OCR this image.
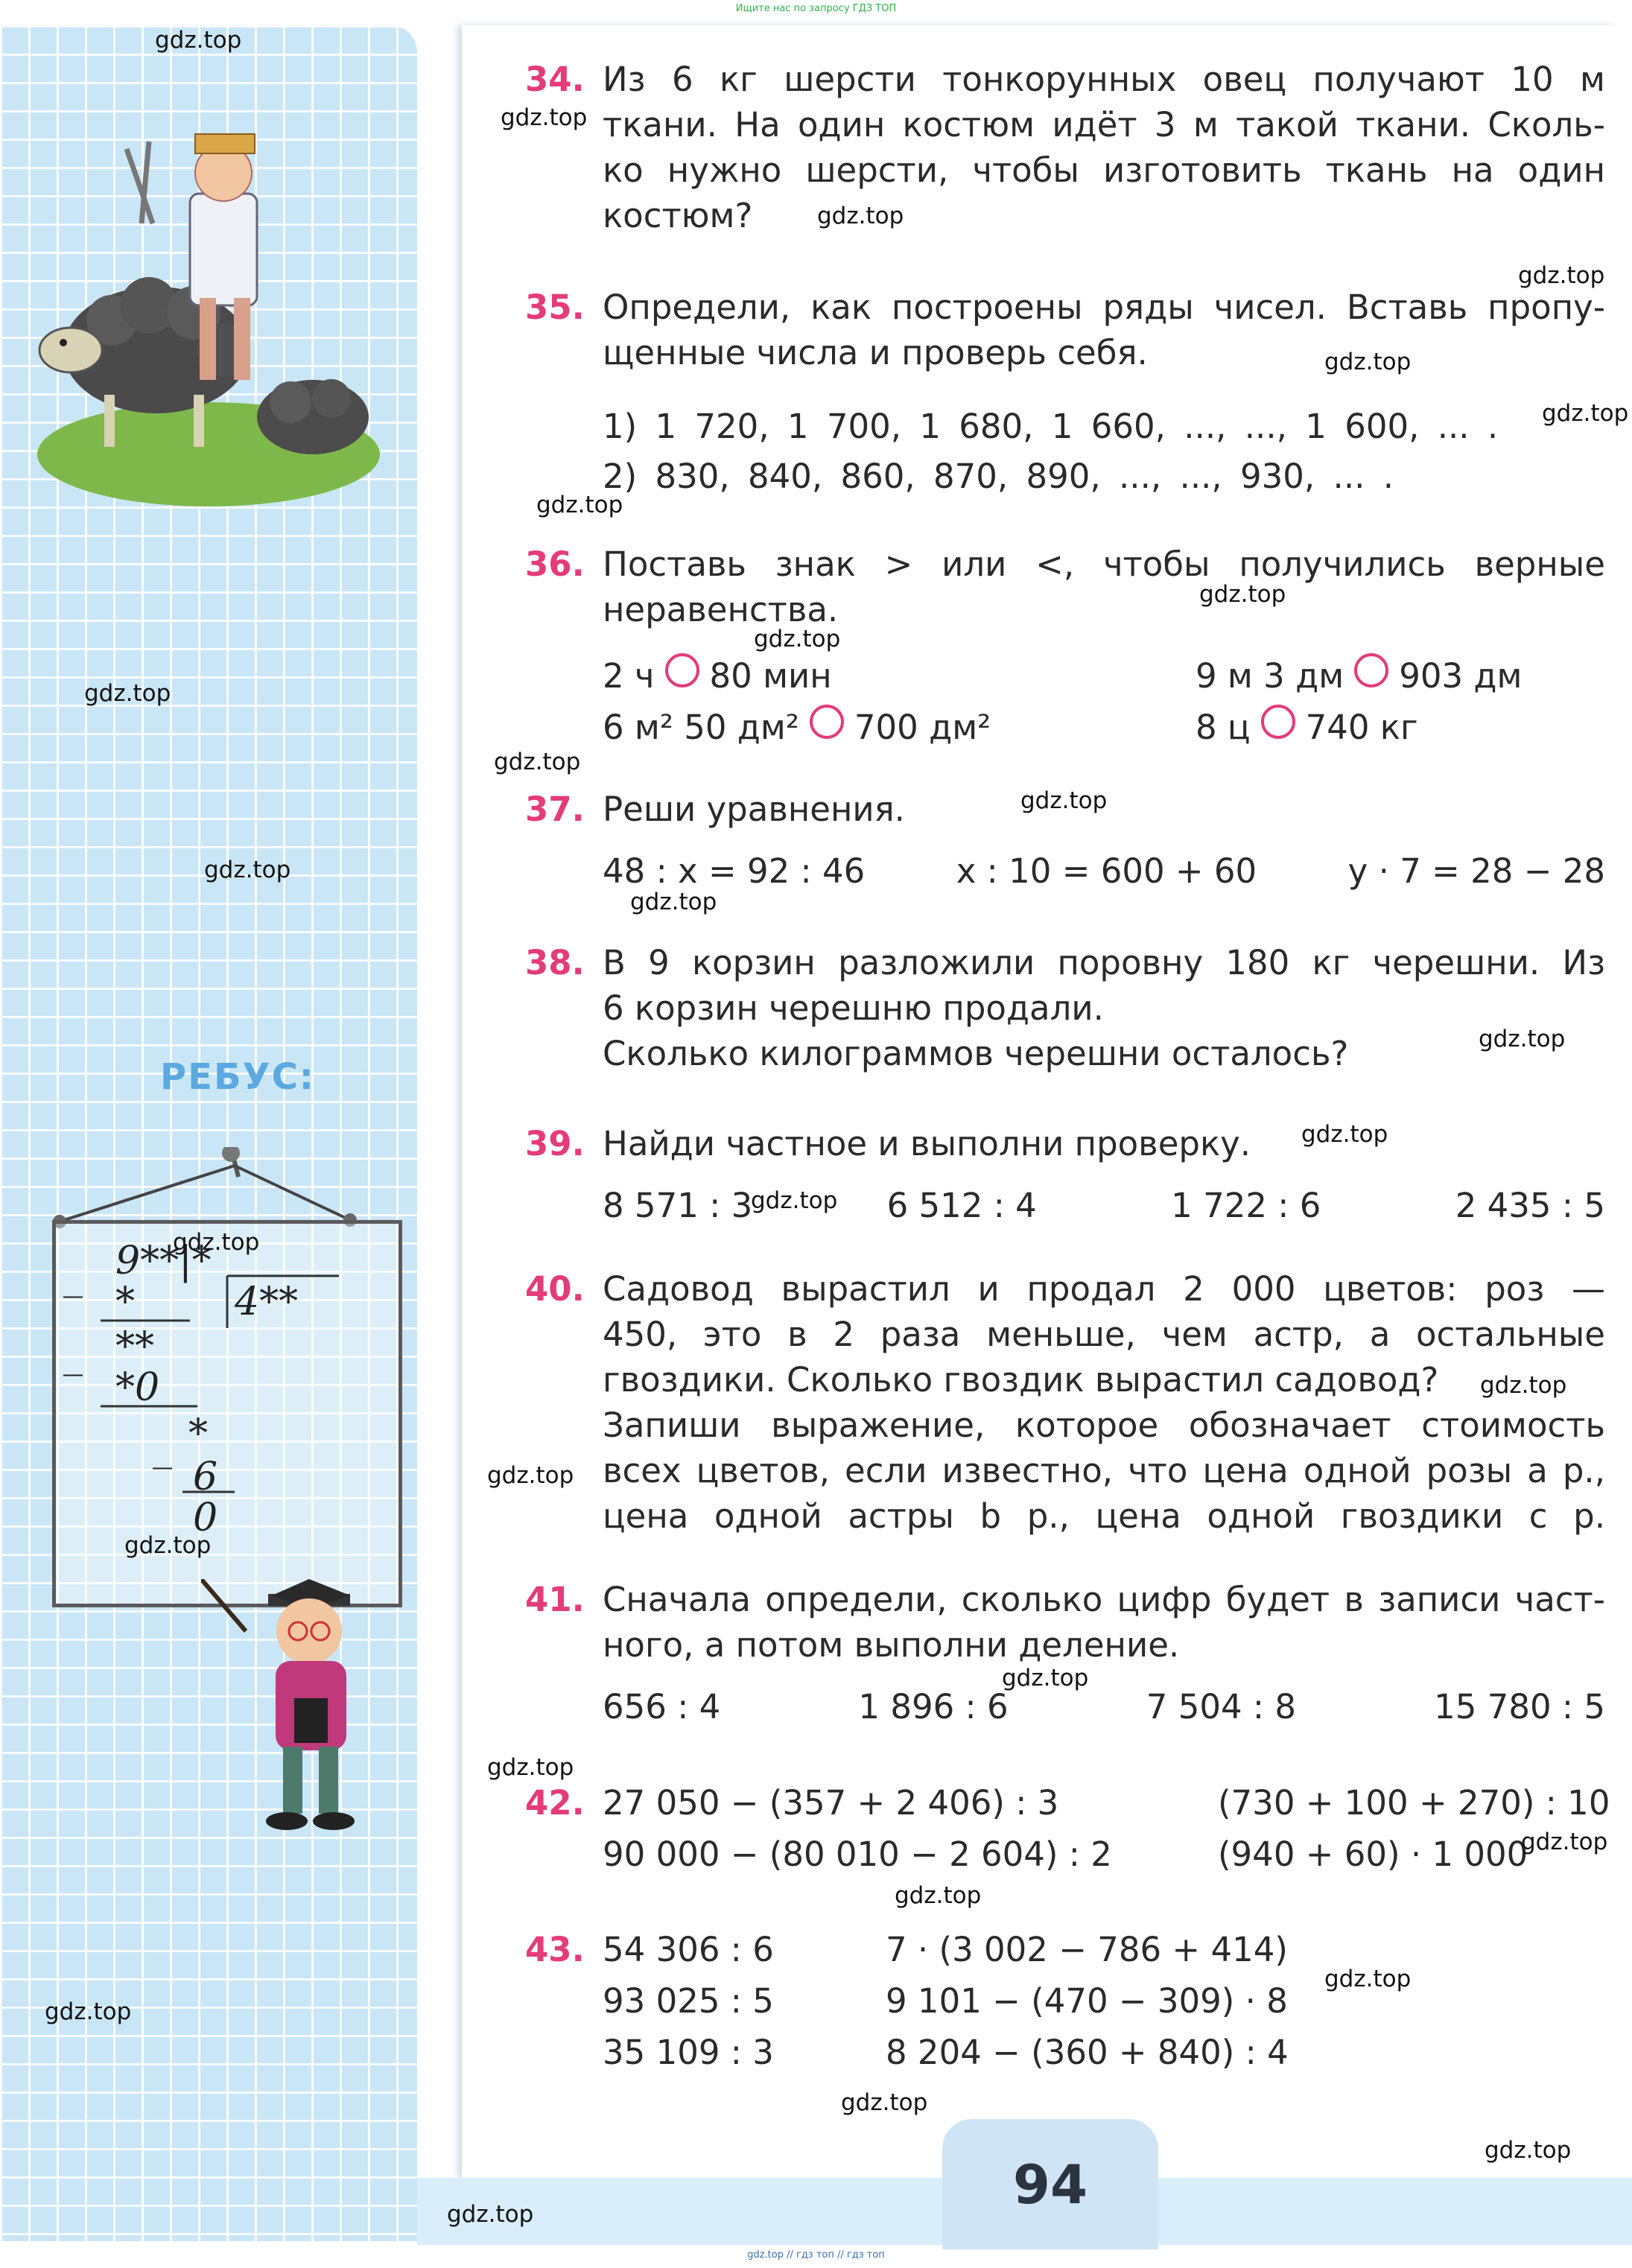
Ищите нас по запросу ГДЗ ТОП
94
РЕБУС:
_ 9**|*
4**
*
_ **
*0
_ *
6
0
34. Из 6 кг шерсти тонкорунных овец получают 10 м
ткани. На один костюм идёт 3 м такой ткани. Сколь-
ко нужно шерсти, чтобы изготовить ткань на один
костюм?
35. Определи, как построены ряды чисел. Вставь пропу-
щенные числа и проверь себя.
1) 1 720, 1 700, 1 680, 1 660, ..., ..., 1 600, ... .
2) 830, 840, 860, 870, 890, ..., ..., 930, ... .
36. Поставь знак > или <, чтобы получились верные
неравенства.
2 ч 80 мин	9 м 3 дм 903 дм
6 м² 50 дм² 700 дм²	8 ц 740 кг
37. Реши уравнения.
48 : x = 92 : 46	x : 10 = 600 + 60	y · 7 = 28 − 28
38. В 9 корзин разложили поровну 180 кг черешни. Из
6 корзин черешню продали.
Сколько килограммов черешни осталось?
39. Найди частное и выполни проверку.
8 571 : 3	6 512 : 4	1 722 : 6	2 435 : 5
40. Садовод вырастил и продал 2 000 цветов: роз —
450, это в 2 раза меньше, чем астр, а остальные
гвоздики. Сколько гвоздик вырастил садовод?
Запиши выражение, которое обозначает стоимость
всех цветов, если известно, что цена одной розы a р.,
цена одной астры b р., цена одной гвоздики c р.
41. Сначала определи, сколько цифр будет в записи част-
ного, а потом выполни деление.
656 : 4	1 896 : 6	7 504 : 8	15 780 : 5
42. 27 050 − (357 + 2 406) : 3	(730 + 100 + 270) : 10
90 000 − (80 010 − 2 604) : 2	(940 + 60) · 1 000
43. 54 306 : 6	7 · (3 002 − 786 + 414)
93 025 : 5	9 101 − (470 − 309) · 8
35 109 : 3	8 204 − (360 + 840) : 4
gdz.top
gdz.top
gdz.top
gdz.top
gdz.top
gdz.top
gdz.top
gdz.top
gdz.top
gdz.top
gdz.top
gdz.top
gdz.top
gdz.top
gdz.top
gdz.top
gdz.top
gdz.top
gdz.top
gdz.top
gdz.top
gdz.top
gdz.top
gdz.top
gdz.top
gdz.top
gdz.top
gdz.top
gdz.top
gdz.top
gdz.top // гдз топ // гдз топ
